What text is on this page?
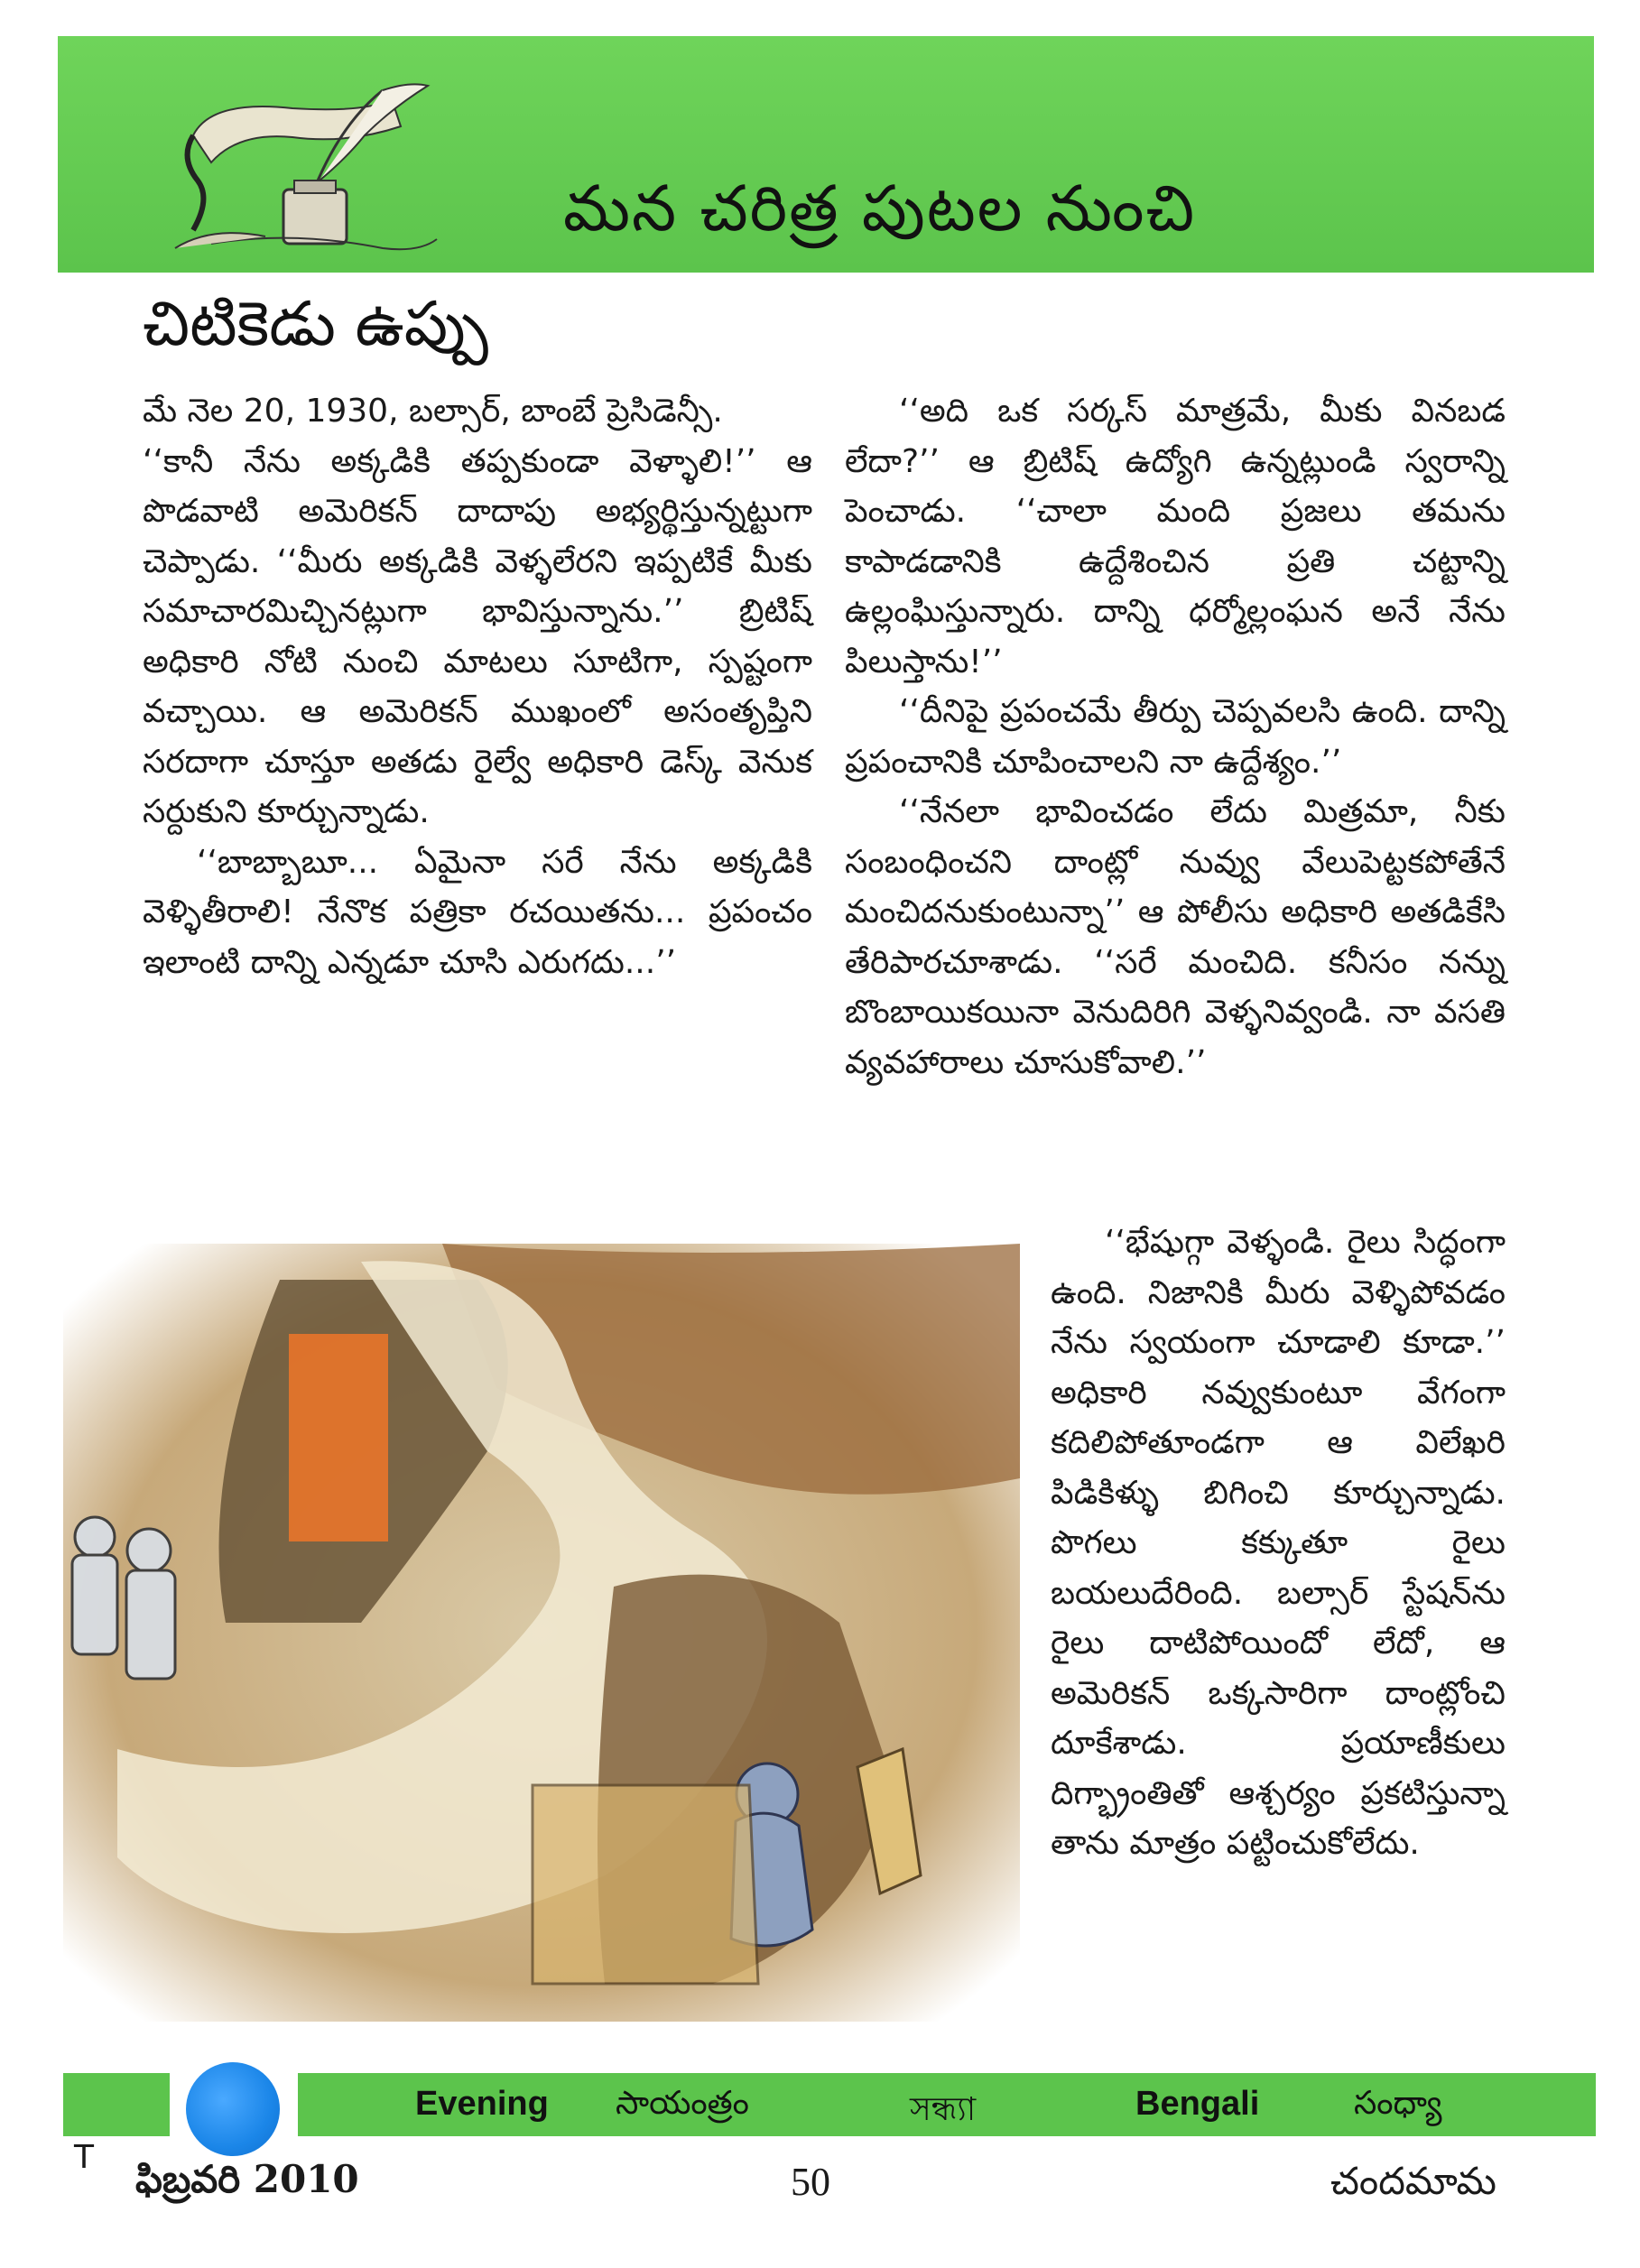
మన చరిత్ర పుటల నుంచి
చిటికెడు ఉప్పు

మే నెల 20, 1930, బల్సార్, బాంబే ప్రెసిడెన్సీ.

‘‘కానీ నేను అక్కడికి తప్పకుండా వెళ్ళాలి!’’ ఆ పొడవాటి అమెరికన్ దాదాపు అభ్యర్థిస్తున్నట్టుగా చెప్పాడు. ‘‘మీరు అక్కడికి వెళ్ళలేరని ఇప్పటికే మీకు సమాచారమిచ్చినట్లుగా భావిస్తున్నాను.’’ బ్రిటిష్ అధికారి నోటి నుంచి మాటలు సూటిగా, స్పష్టంగా వచ్చాయి. ఆ అమెరికన్ ముఖంలో అసంతృప్తిని సరదాగా చూస్తూ అతడు రైల్వే అధికారి డెస్క్ వెనుక సర్దుకుని కూర్చున్నాడు.

‘‘బాబ్బాబూ... ఏమైనా సరే నేను అక్కడికి వెళ్ళితీరాలి! నేనొక పత్రికా రచయితను... ప్రపంచం ఇలాంటి దాన్ని ఎన్నడూ చూసి ఎరుగదు...’’

‘‘అది ఒక సర్కస్ మాత్రమే, మీకు వినబడ లేదా?’’ ఆ బ్రిటిష్ ఉద్యోగి ఉన్నట్లుండి స్వరాన్ని పెంచాడు. ‘‘చాలా మంది ప్రజలు తమను కాపాడడానికి ఉద్దేశించిన ప్రతి చట్టాన్ని ఉల్లంఘిస్తున్నారు. దాన్ని ధర్మోల్లంఘన అనే నేను పిలుస్తాను!’’

‘‘దీనిపై ప్రపంచమే తీర్పు చెప్పవలసి ఉంది. దాన్ని ప్రపంచానికి చూపించాలని నా ఉద్దేశ్యం.’’

‘‘నేనలా భావించడం లేదు మిత్రమా, నీకు సంబంధించని దాంట్లో నువ్వు వేలుపెట్టకపోతేనే మంచిదనుకుంటున్నా’’ ఆ పోలీసు అధికారి అతడికేసి తేరిపారచూశాడు. ‘‘సరే మంచిది. కనీసం నన్ను బొంబాయికయినా వెనుదిరిగి వెళ్ళనివ్వండి. నా వసతి వ్యవహారాలు చూసుకోవాలి.’’

‘‘భేషుగ్గా వెళ్ళండి. రైలు సిద్ధంగా ఉంది. నిజానికి మీరు వెళ్ళిపోవడం నేను స్వయంగా చూడాలి కూడా.’’ అధికారి నవ్వుకుంటూ వేగంగా కదిలిపోతూండగా ఆ విలేఖరి పిడికిళ్ళు బిగించి కూర్చున్నాడు. పొగలు కక్కుతూ రైలు బయలుదేరింది. బల్సార్ స్టేషన్‌ను రైలు దాటిపోయిందో లేదో, ఆ అమెరికన్ ఒక్కసారిగా దాంట్లోంచి దూకేశాడు. ప్రయాణీకులు దిగ్భ్రాంతితో ఆశ్చర్యం ప్రకటిస్తున్నా తాను మాత్రం పట్టించుకోలేదు.

Evening సాయంత్రం	সন্ধ্যা	Bengali	సంధ్యా
T ఫిబ్రవరి 2010	50	చందమామ
